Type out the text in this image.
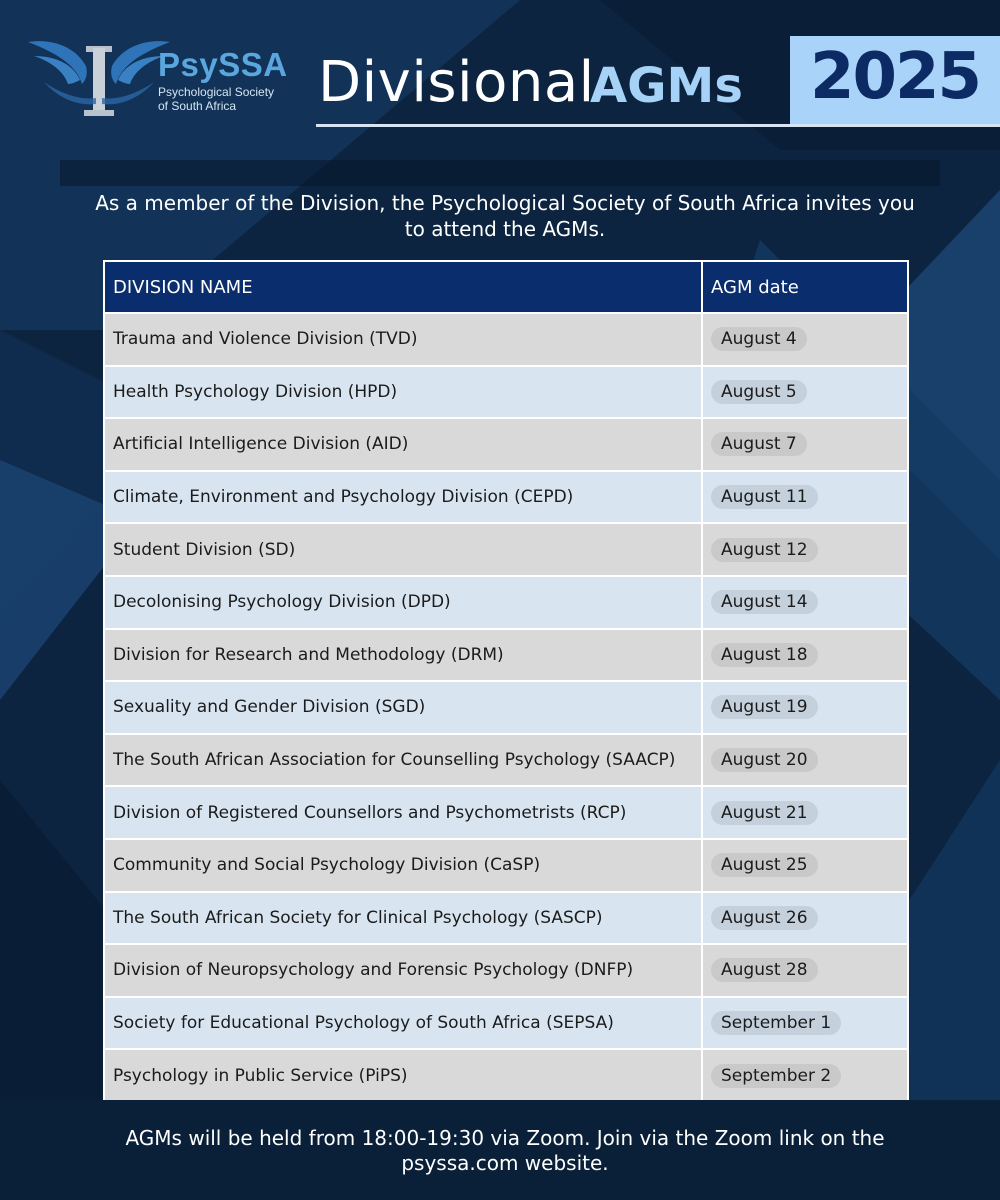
PsySSA
Psychological Society
of South Africa	Divisional
AGMs	2025
As a member of the Division, the Psychological Society of South Africa invites you to attend the AGMs.
DIVISION NAME	AGM date
Trauma and Violence Division (TVD)	August 4
Health Psychology Division (HPD)	August 5
Artificial Intelligence Division (AID)	August 7
Climate, Environment and Psychology Division (CEPD)	August 11
Student Division (SD)	August 12
Decolonising Psychology Division (DPD)	August 14
Division for Research and Methodology (DRM)	August 18
Sexuality and Gender Division (SGD)	August 19
The South African Association for Counselling Psychology (SAACP)	August 20
Division of Registered Counsellors and Psychometrists (RCP)	August 21
Community and Social Psychology Division (CaSP)	August 25
The South African Society for Clinical Psychology (SASCP)	August 26
Division of Neuropsychology and Forensic Psychology (DNFP)	August 28
Society for Educational Psychology of South Africa (SEPSA)	September 1
Psychology in Public Service (PiPS)	September 2
AGMs will be held from 18:00-19:30 via Zoom. Join via the Zoom link on the psyssa.com website.
